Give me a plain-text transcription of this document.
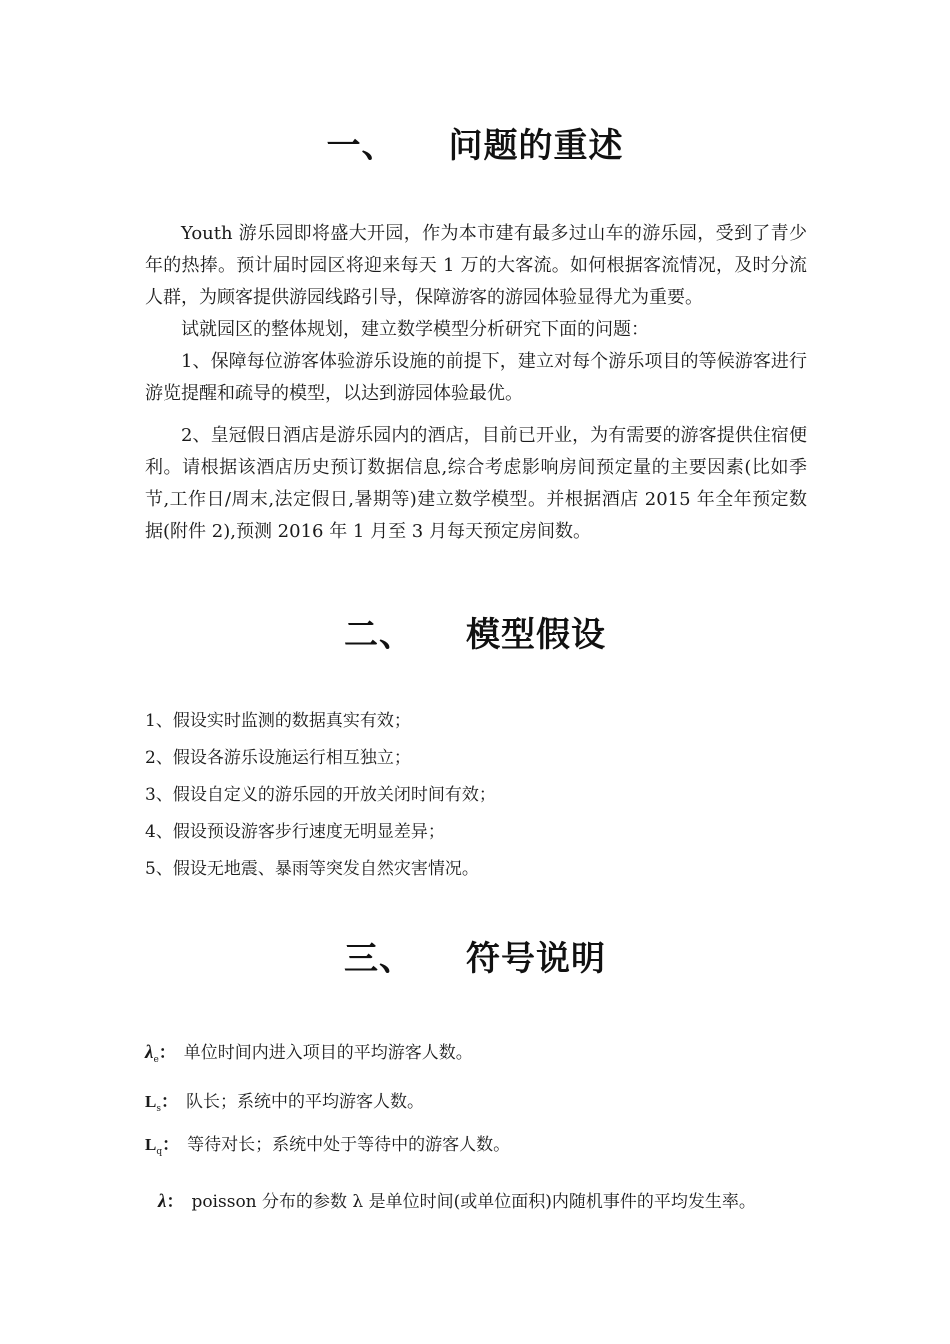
一、 问题的重述
Youth 游乐园即将盛大开园，作为本市建有最多过山车的游乐园，受到了青少年的热捧。预计届时园区将迎来每天 1 万的大客流。如何根据客流情况，及时分流人群，为顾客提供游园线路引导，保障游客的游园体验显得尤为重要。
试就园区的整体规划，建立数学模型分析研究下面的问题：
1、保障每位游客体验游乐设施的前提下，建立对每个游乐项目的等候游客进行游览提醒和疏导的模型，以达到游园体验最优。
2、皇冠假日酒店是游乐园内的酒店，目前已开业，为有需要的游客提供住宿便利。请根据该酒店历史预订数据信息,综合考虑影响房间预定量的主要因素(比如季节,工作日/周末,法定假日,暑期等)建立数学模型。并根据酒店 2015 年全年预定数据(附件 2),预测 2016 年 1 月至 3 月每天预定房间数。
二、 模型假设
1、假设实时监测的数据真实有效；
2、假设各游乐设施运行相互独立；
3、假设自定义的游乐园的开放关闭时间有效；
4、假设预设游客步行速度无明显差异；
5、假设无地震、暴雨等突发自然灾害情况。
三、 符号说明
$\lambda_e$： 单位时间内进入项目的平均游客人数。
$L_s$： 队长；系统中的平均游客人数。
$L_q$： 等待对长；系统中处于等待中的游客人数。
λ： poisson 分布的参数 λ 是单位时间(或单位面积)内随机事件的平均发生率。
